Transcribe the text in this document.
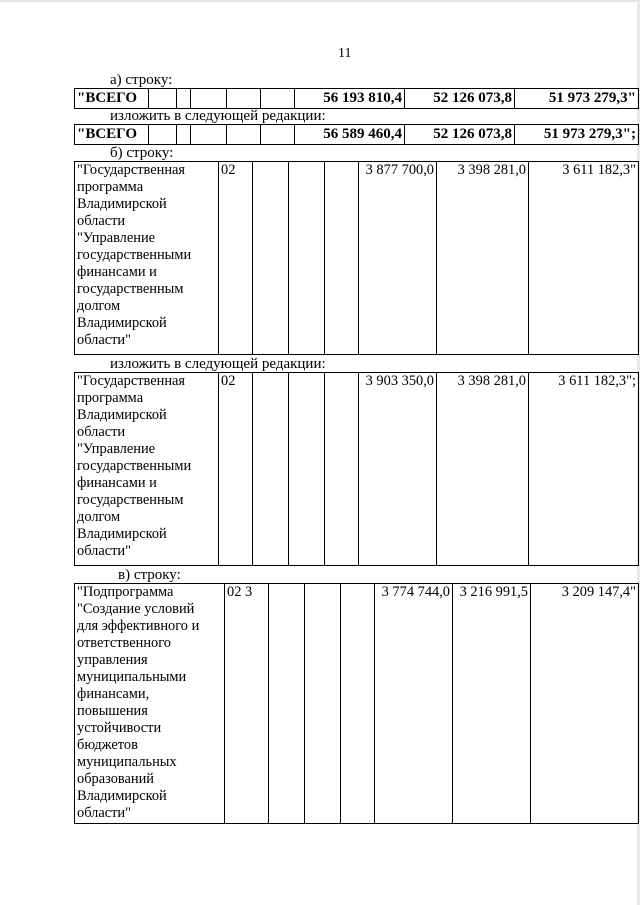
11
а) строку:
"ВСЕГО						56 193 810,4	52 126 073,8	51 973 279,3"
изложить в следующей редакции:
"ВСЕГО						56 589 460,4	52 126 073,8	51 973 279,3";
б) строку:
"Государственная
программа
Владимирской
области
"Управление
государственными
финансами и
государственным
долгом
Владимирской
области"
	02				3 877 700,0	3 398 281,0	3 611 182,3"
изложить в следующей редакции:
"Государственная
программа
Владимирской
области
"Управление
государственными
финансами и
государственным
долгом
Владимирской
области"
	02				3 903 350,0	3 398 281,0	3 611 182,3";
в) строку:
"Подпрограмма
"Создание условий
для эффективного и
ответственного
управления
муниципальными
финансами,
повышения
устойчивости
бюджетов
муниципальных
образований
Владимирской
области"
	02 3				3 774 744,0	3 216 991,5	3 209 147,4"
